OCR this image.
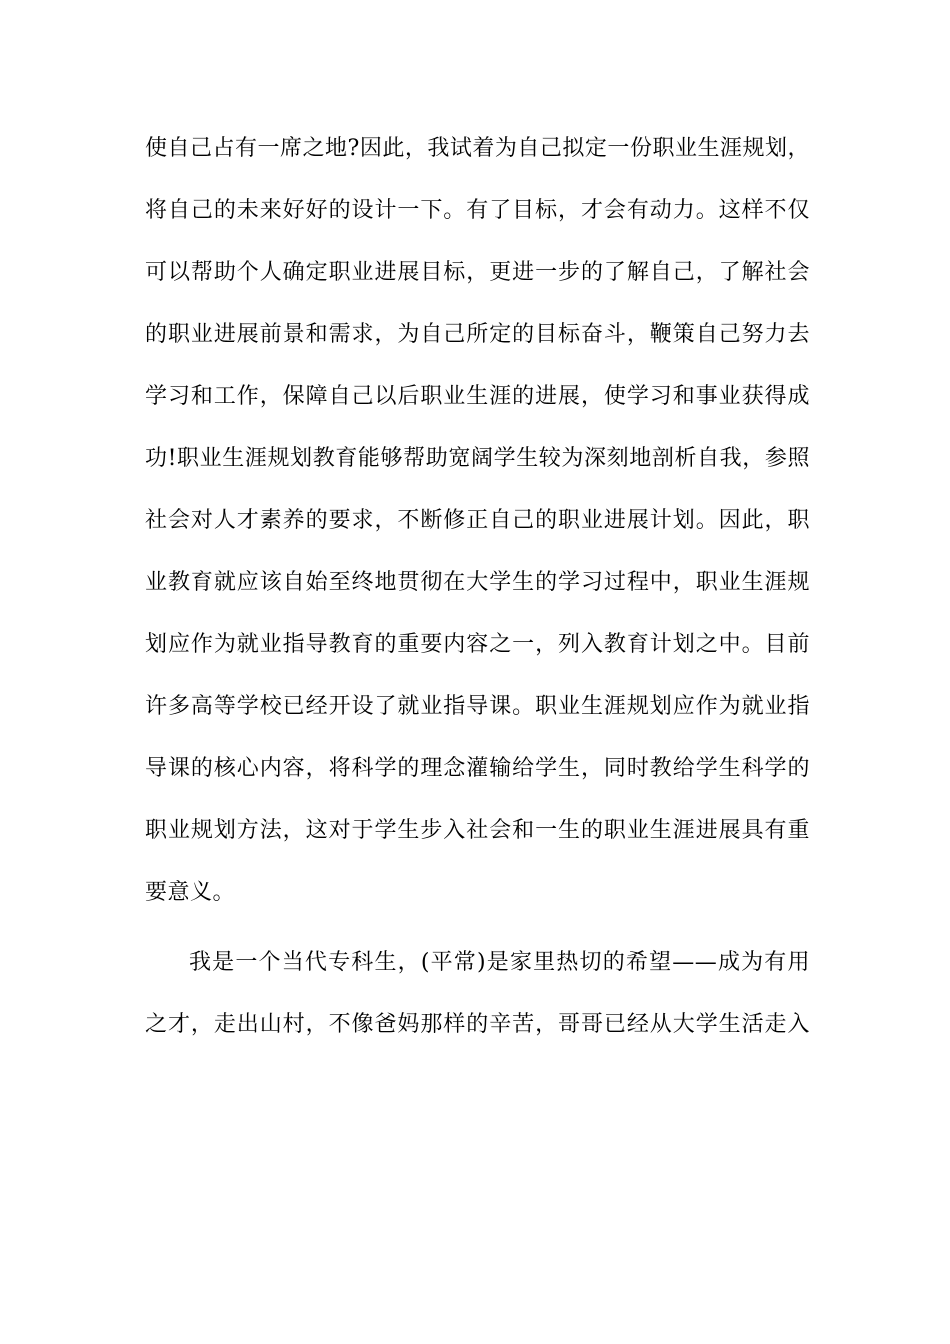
使自己占有一席之地?因此，我试着为自己拟定一份职业生涯规划，
将自己的未来好好的设计一下。有了目标，才会有动力。这样不仅
可以帮助个人确定职业进展目标，更进一步的了解自己，了解社会
的职业进展前景和需求，为自己所定的目标奋斗，鞭策自己努力去
学习和工作，保障自己以后职业生涯的进展，使学习和事业获得成
功!职业生涯规划教育能够帮助宽阔学生较为深刻地剖析自我，参照
社会对人才素养的要求，不断修正自己的职业进展计划。因此，职
业教育就应该自始至终地贯彻在大学生的学习过程中，职业生涯规
划应作为就业指导教育的重要内容之一，列入教育计划之中。目前
许多高等学校已经开设了就业指导课。职业生涯规划应作为就业指
导课的核心内容，将科学的理念灌输给学生，同时教给学生科学的
职业规划方法，这对于学生步入社会和一生的职业生涯进展具有重
要意义。
我是一个当代专科生，(平常)是家里热切的希望——成为有用
之才，走出山村，不像爸妈那样的辛苦，哥哥已经从大学生活走入
